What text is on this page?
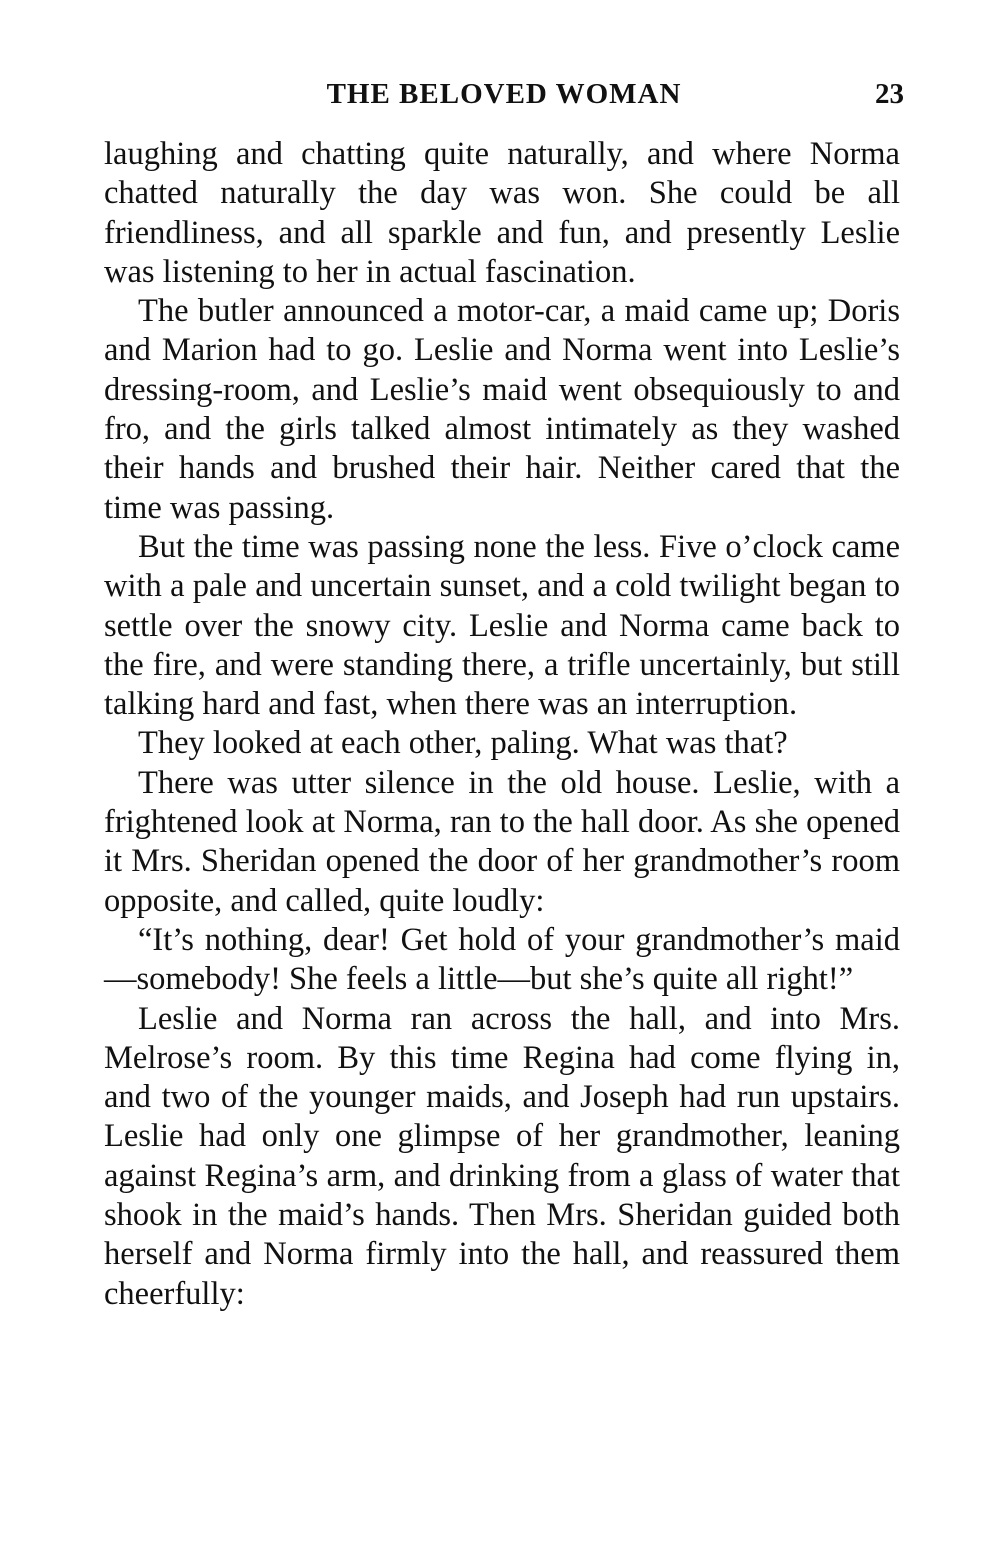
THE BELOVED WOMAN	23

laughing and chatting quite naturally, and where Norma chatted naturally the day was won. She could be all friendliness, and all sparkle and fun, and presently Leslie was listening to her in actual fascination.

The butler announced a motor-car, a maid came up; Doris and Marion had to go. Leslie and Norma went into Leslie’s dressing-room, and Leslie’s maid went obsequiously to and fro, and the girls talked almost intimately as they washed their hands and brushed their hair. Neither cared that the time was passing.

But the time was passing none the less. Five o’clock came with a pale and uncertain sunset, and a cold twilight began to settle over the snowy city. Leslie and Norma came back to the fire, and were standing there, a trifle uncertainly, but still talking hard and fast, when there was an interruption.

They looked at each other, paling. What was that?

There was utter silence in the old house. Leslie, with a frightened look at Norma, ran to the hall door. As she opened it Mrs. Sheridan opened the door of her grandmother’s room opposite, and called, quite loudly:

“It’s nothing, dear! Get hold of your grandmother’s maid—somebody! She feels a little—but she’s quite all right!”

Leslie and Norma ran across the hall, and into Mrs. Melrose’s room. By this time Regina had come flying in, and two of the younger maids, and Joseph had run upstairs. Leslie had only one glimpse of her grandmother, leaning against Regina’s arm, and drinking from a glass of water that shook in the maid’s hands. Then Mrs. Sheridan guided both herself and Norma firmly into the hall, and reassured them cheerfully:
